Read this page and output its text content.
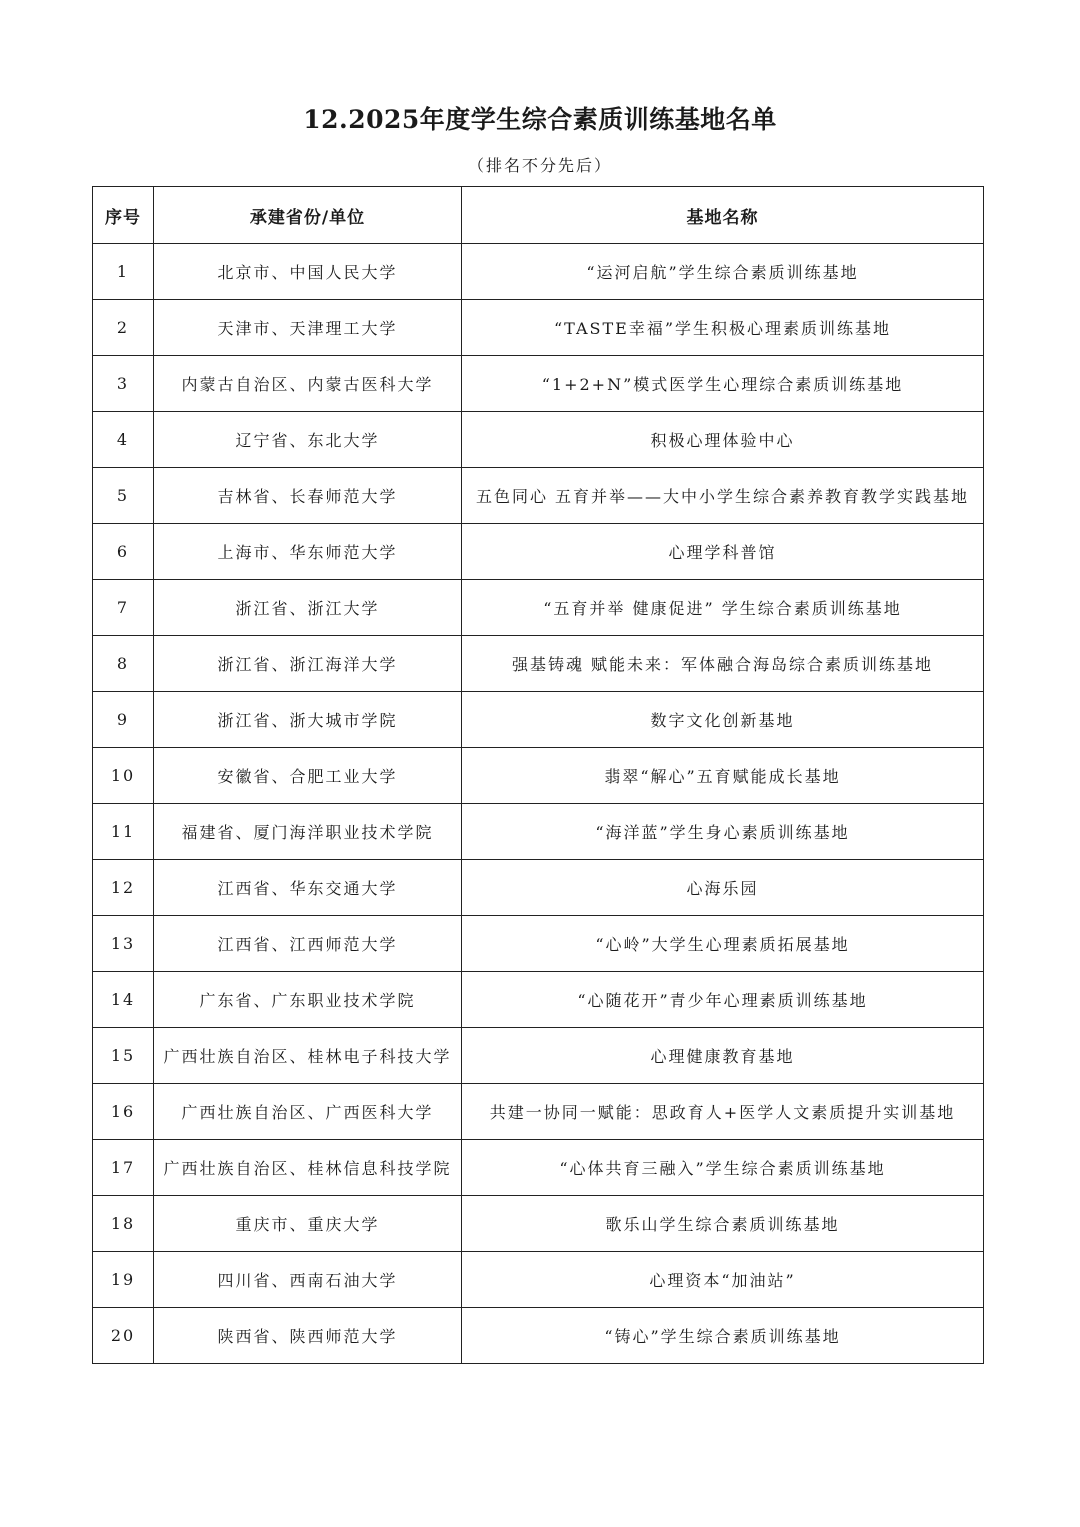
12.2025年度学生综合素质训练基地名单
（排名不分先后）
序号	承建省份/单位	基地名称
1	北京市、中国人民大学	“运河启航”学生综合素质训练基地
2	天津市、天津理工大学	“TASTE幸福”学生积极心理素质训练基地
3	内蒙古自治区、内蒙古医科大学	“1+2+N”模式医学生心理综合素质训练基地
4	辽宁省、东北大学	积极心理体验中心
5	吉林省、长春师范大学	五色同心 五育并举——大中小学生综合素养教育教学实践基地
6	上海市、华东师范大学	心理学科普馆
7	浙江省、浙江大学	“五育并举 健康促进” 学生综合素质训练基地
8	浙江省、浙江海洋大学	强基铸魂 赋能未来：军体融合海岛综合素质训练基地
9	浙江省、浙大城市学院	数字文化创新基地
10	安徽省、合肥工业大学	翡翠“解心”五育赋能成长基地
11	福建省、厦门海洋职业技术学院	“海洋蓝”学生身心素质训练基地
12	江西省、华东交通大学	心海乐园
13	江西省、江西师范大学	“心岭”大学生心理素质拓展基地
14	广东省、广东职业技术学院	“心随花开”青少年心理素质训练基地
15	广西壮族自治区、桂林电子科技大学	心理健康教育基地
16	广西壮族自治区、广西医科大学	共建一协同一赋能：思政育人+医学人文素质提升实训基地
17	广西壮族自治区、桂林信息科技学院	“心体共育三融入”学生综合素质训练基地
18	重庆市、重庆大学	歌乐山学生综合素质训练基地
19	四川省、西南石油大学	心理资本“加油站”
20	陕西省、陕西师范大学	“铸心”学生综合素质训练基地
